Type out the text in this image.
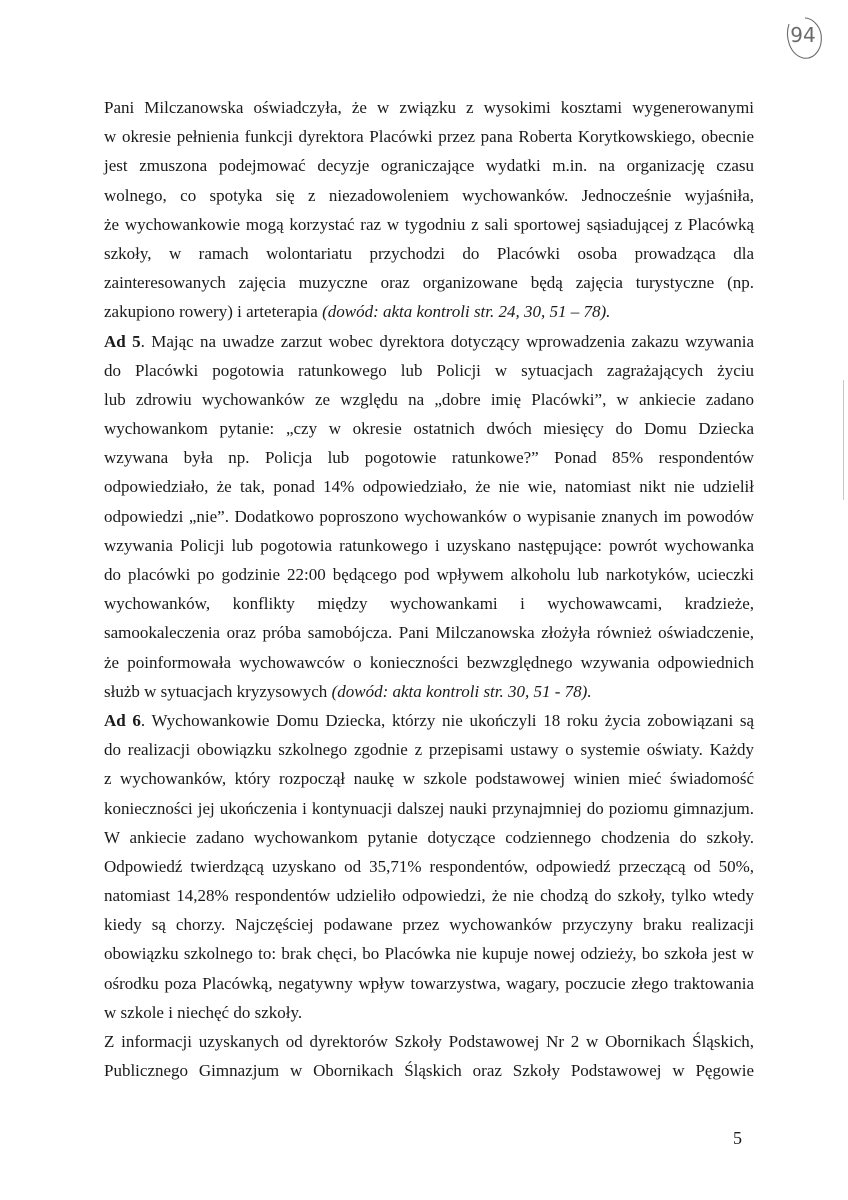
94
Pani Milczanowska oświadczyła, że w związku z wysokimi kosztami wygenerowanymi
w okresie pełnienia funkcji dyrektora Placówki przez pana Roberta Korytkowskiego, obecnie
jest zmuszona podejmować decyzje ograniczające wydatki m.in. na organizację czasu
wolnego, co spotyka się z niezadowoleniem wychowanków. Jednocześnie wyjaśniła,
że wychowankowie mogą korzystać raz w tygodniu z sali sportowej sąsiadującej z Placówką
szkoły, w ramach wolontariatu przychodzi do Placówki osoba prowadząca dla
zainteresowanych zajęcia muzyczne oraz organizowane będą zajęcia turystyczne (np.
zakupiono rowery) i arteterapia (dowód: akta kontroli str. 24, 30, 51 – 78).
Ad 5. Mając na uwadze zarzut wobec dyrektora dotyczący wprowadzenia zakazu wzywania
do Placówki pogotowia ratunkowego lub Policji w sytuacjach zagrażających życiu
lub zdrowiu wychowanków ze względu na „dobre imię Placówki”, w ankiecie zadano
wychowankom pytanie: „czy w okresie ostatnich dwóch miesięcy do Domu Dziecka
wzywana była np. Policja lub pogotowie ratunkowe?” Ponad 85% respondentów
odpowiedziało, że tak, ponad 14% odpowiedziało, że nie wie, natomiast nikt nie udzielił
odpowiedzi „nie”. Dodatkowo poproszono wychowanków o wypisanie znanych im powodów
wzywania Policji lub pogotowia ratunkowego i uzyskano następujące: powrót wychowanka
do placówki po godzinie 22:00 będącego pod wpływem alkoholu lub narkotyków, ucieczki
wychowanków, konflikty między wychowankami i wychowawcami, kradzieże,
samookaleczenia oraz próba samobójcza. Pani Milczanowska złożyła również oświadczenie,
że poinformowała wychowawców o konieczności bezwzględnego wzywania odpowiednich
służb w sytuacjach kryzysowych (dowód: akta kontroli str. 30, 51 - 78).
Ad 6. Wychowankowie Domu Dziecka, którzy nie ukończyli 18 roku życia zobowiązani są
do realizacji obowiązku szkolnego zgodnie z przepisami ustawy o systemie oświaty. Każdy
z wychowanków, który rozpoczął naukę w szkole podstawowej winien mieć świadomość
konieczności jej ukończenia i kontynuacji dalszej nauki przynajmniej do poziomu gimnazjum.
W ankiecie zadano wychowankom pytanie dotyczące codziennego chodzenia do szkoły.
Odpowiedź twierdzącą uzyskano od 35,71% respondentów, odpowiedź przeczącą od 50%,
natomiast 14,28% respondentów udzieliło odpowiedzi, że nie chodzą do szkoły, tylko wtedy
kiedy są chorzy. Najczęściej podawane przez wychowanków przyczyny braku realizacji
obowiązku szkolnego to: brak chęci, bo Placówka nie kupuje nowej odzieży, bo szkoła jest w
ośrodku poza Placówką, negatywny wpływ towarzystwa, wagary, poczucie złego traktowania
w szkole i niechęć do szkoły.
Z informacji uzyskanych od dyrektorów Szkoły Podstawowej Nr 2 w Obornikach Śląskich,
Publicznego Gimnazjum w Obornikach Śląskich oraz Szkoły Podstawowej w Pęgowie
5
